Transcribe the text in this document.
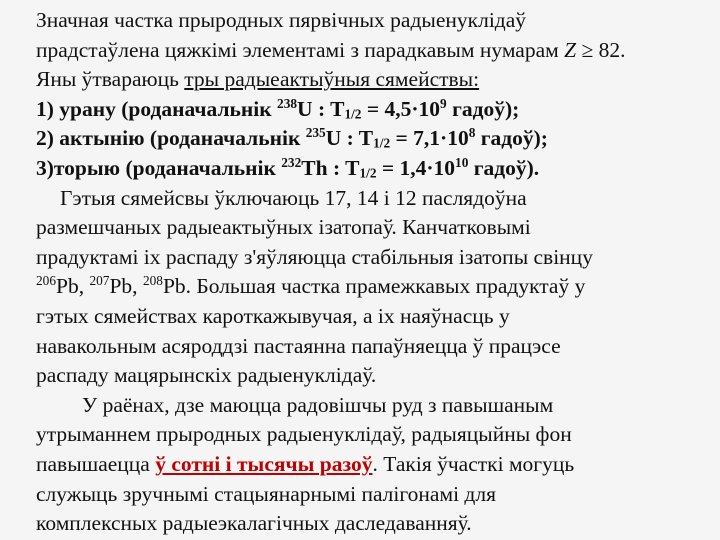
Значная частка прыродных пярвічных радыенуклідаў
прадстаўлена цяжкімі элементамі з парадкавым нумарам Z ≥ 82.
Яны ўтвараюць тры радыеактыўныя сямействы:
1) урану (роданачальнік $^{238}$U : $T_{1/2} = 4,5\cdot 10^9$ гадоў);
2) актынію (роданачальнік $^{235}$U : $T_{1/2} = 7,1\cdot 10^8$ гадоў);
3)торыю (роданачальнік $^{232}$Th : $T_{1/2} = 1,4\cdot 10^{10}$ гадоў).
Гэтыя сямейсвы ўключаюць 17, 14 і 12 паслядоўна
размешчаных радыеактыўных ізатопаў. Канчатковымі
прадуктамі іх распаду з'яўляюцца стабільныя ізатопы свінцу
$^{206}$Pb, $^{207}$Pb, $^{208}$Pb. Большая частка прамежкавых прадуктаў у
гэтых сямействах кароткажывучая, а іх наяўнасць у
навакольным асяроддзі пастаянна папаўняецца ў працэсе
распаду мацярынскіх радыенуклідаў.
У раёнах, дзе маюцца радовішчы руд з павышаным
утрыманнем прыродных радыенуклідаў, радыяцыйны фон
павышаецца ў сотні і тысячы разоў. Такія ўчасткі могуць
служыць зручнымі стацыянарнымі палігонамі для
комплексных радыеэкалагічных даследаванняў.
